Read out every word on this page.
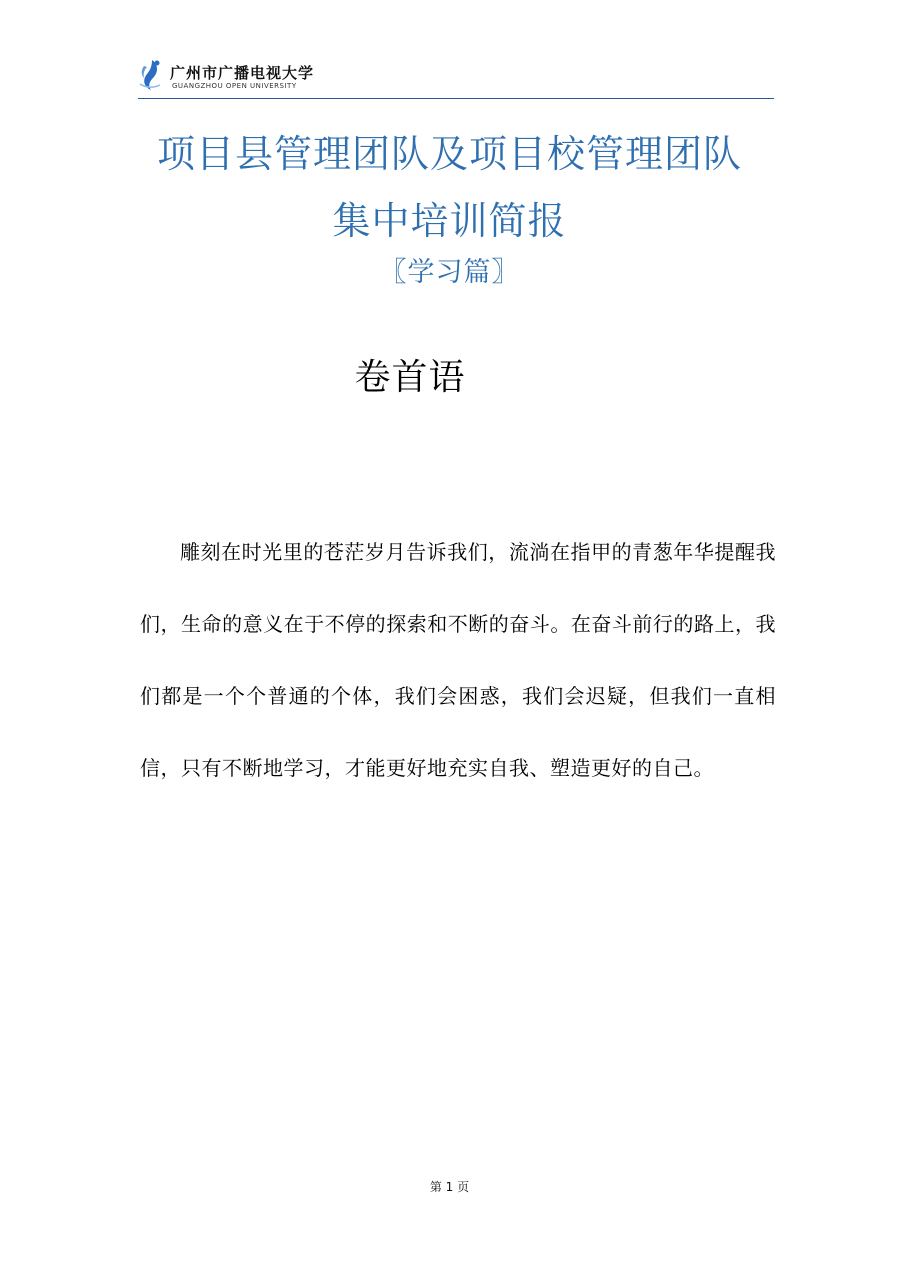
广州市广播电视大学
GUANGZHOU OPEN UNIVERSITY
项目县管理团队及项目校管理团队
集中培训简报
〖学习篇〗
卷首语

雕刻在时光里的苍茫岁月告诉我们，流淌在指甲的青葱年华提醒我们，生命的意义在于不停的探索和不断的奋斗。在奋斗前行的路上，我们都是一个个普通的个体，我们会困惑，我们会迟疑，但我们一直相信，只有不断地学习，才能更好地充实自我、塑造更好的自己。

第 1 页
